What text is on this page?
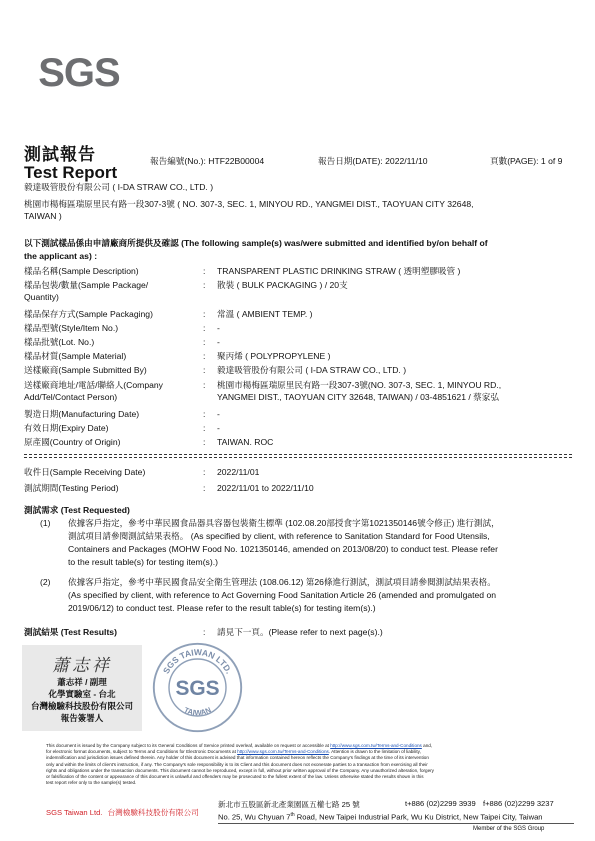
SGS
測試報告
Test Report
報告編號(No.): HTF22B00004	報告日期(DATE): 2022/11/10	頁數(PAGE): 1 of 9
毅達吸管股份有限公司 ( I-DA STRAW CO., LTD. )
桃園市楊梅區瑞原里民有路一段307-3號 ( NO. 307-3, SEC. 1, MINYOU RD., YANGMEI DIST., TAOYUAN CITY 32648,
TAIWAN )
以下測試樣品係由申請廠商所提供及確認 (The following sample(s) was/were submitted and identified by/on behalf of
the applicant as) :
樣品名稱(Sample Description)	: TRANSPARENT PLASTIC DRINKING STRAW ( 透明塑膠吸管 )
樣品包裝/數量(Sample Package/
Quantity)
: 散裝 ( BULK PACKAGING ) / 20支
樣品保存方式(Sample Packaging)	: 常溫 ( AMBIENT TEMP. )
樣品型號(Style/Item No.)	: -
樣品批號(Lot. No.)	: -
樣品材質(Sample Material)	: 聚丙烯 ( POLYPROPYLENE )
送樣廠商(Sample Submitted By)	: 毅達吸管股份有限公司 ( I-DA STRAW CO., LTD. )
送樣廠商地址/電話/聯絡人(Company
Add/Tel/Contact Person)
: 桃園市楊梅區瑞原里民有路一段307-3號(NO. 307-3, SEC. 1, MINYOU RD.,
YANGMEI DIST., TAOYUAN CITY 32648, TAIWAN) / 03-4851621 / 蔡家弘
製造日期(Manufacturing Date)	: -
有效日期(Expiry Date)	: -
原產國(Country of Origin)	: TAIWAN. ROC
收件日(Sample Receiving Date)	: 2022/11/01
測試期間(Testing Period)	: 2022/11/01 to 2022/11/10
測試需求 (Test Requested)
(1) 依據客戶指定，參考中華民國食品器具容器包裝衛生標準 (102.08.20部授食字第1021350146號令修正) 進行測試，
測試項目請參閱測試結果表格。 (As specified by client, with reference to Sanitation Standard for Food Utensils,
Containers and Packages (MOHW Food No. 1021350146, amended on 2013/08/20) to conduct test. Please refer
to the result table(s) for testing item(s).)
(2) 依據客戶指定，參考中華民國食品安全衛生管理法 (108.06.12) 第26條進行測試，測試項目請參閱測試結果表格。
(As specified by client, with reference to Act Governing Food Sanitation Article 26 (amended and promulgated on
2019/06/12) to conduct test. Please refer to the result table(s) for testing item(s).)
測試結果 (Test Results)	: 請見下一頁。(Please refer to next page(s).)
蕭志祥
蕭志祥 / 副理
化學實驗室 - 台北
台灣檢驗科技股份有限公司
報告簽署人
SGS TAIWAN LTD.
TAIWAN
SGS
This document is issued by the Company subject to its General Conditions of Service printed overleaf, available on request or accessible at http://www.sgs.com.tw/Terms-and-Conditions and,
for electronic format documents, subject to Terms and Conditions for Electronic Documents at http://www.sgs.com.tw/Terms-and-Conditions. Attention is drawn to the limitation of liability,
indemnification and jurisdiction issues defined therein. Any holder of this document is advised that information contained hereon reflects the Company's findings at the time of its intervention
only and within the limits of client's instruction, if any. The Company's sole responsibility is to its Client and this document does not exonerate parties to a transaction from exercising all their
rights and obligations under the transaction documents. This document cannot be reproduced, except in full, without prior written approval of the Company. Any unauthorized alteration, forgery
or falsification of the content or appearance of this document is unlawful and offenders may be prosecuted to the fullest extent of the law. Unless otherwise stated the results shown in this
test report refer only to the sample(s) tested.
SGS Taiwan Ltd. 台灣檢驗科技股份有限公司
新北市五股區新北產業園區五權七路 25 號	t+886 (02)2299 3939 f+886 (02)2299 3237
No. 25, Wu Chyuan 7th Road, New Taipei Industrial Park, Wu Ku District, New Taipei City, Taiwan
Member of the SGS Group
